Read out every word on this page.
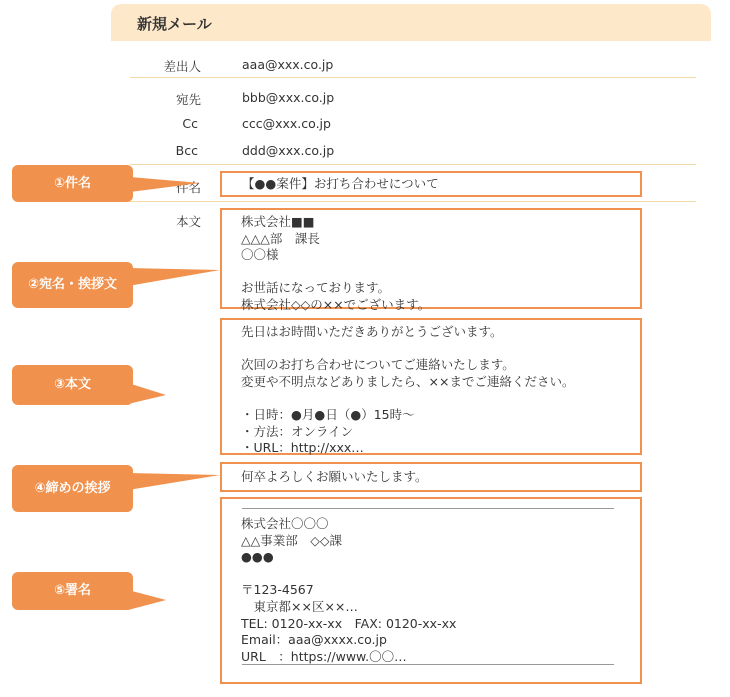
新規メール
差出人	aaa@xxx.co.jp
宛先	bbb@xxx.co.jp
Cc	ccc@xxx.co.jp
Bcc	ddd@xxx.co.jp
件名	【●●案件】お打ち合わせについて
本文	株式会社■■
△△△部　課長
〇〇様

お世話になっております。
株式会社◇◇の××でございます。
先日はお時間いただきありがとうございます。

次回のお打ち合わせについてご連絡いたします。
変更や不明点などありましたら、××までご連絡ください。

・日時：●月●日（●）15時～
・方法：オンライン
・URL：http://xxx…
何卒よろしくお願いいたします。
株式会社〇〇〇
△△事業部　◇◇課
●●●

〒123-4567
　東京都××区××…
TEL: 0120-xx-xx　FAX: 0120-xx-xx
Email：aaa@xxxx.co.jp
URL　：https://www.〇〇…
①件名
②宛名・挨拶文
③本文
④締めの挨拶
⑤署名
